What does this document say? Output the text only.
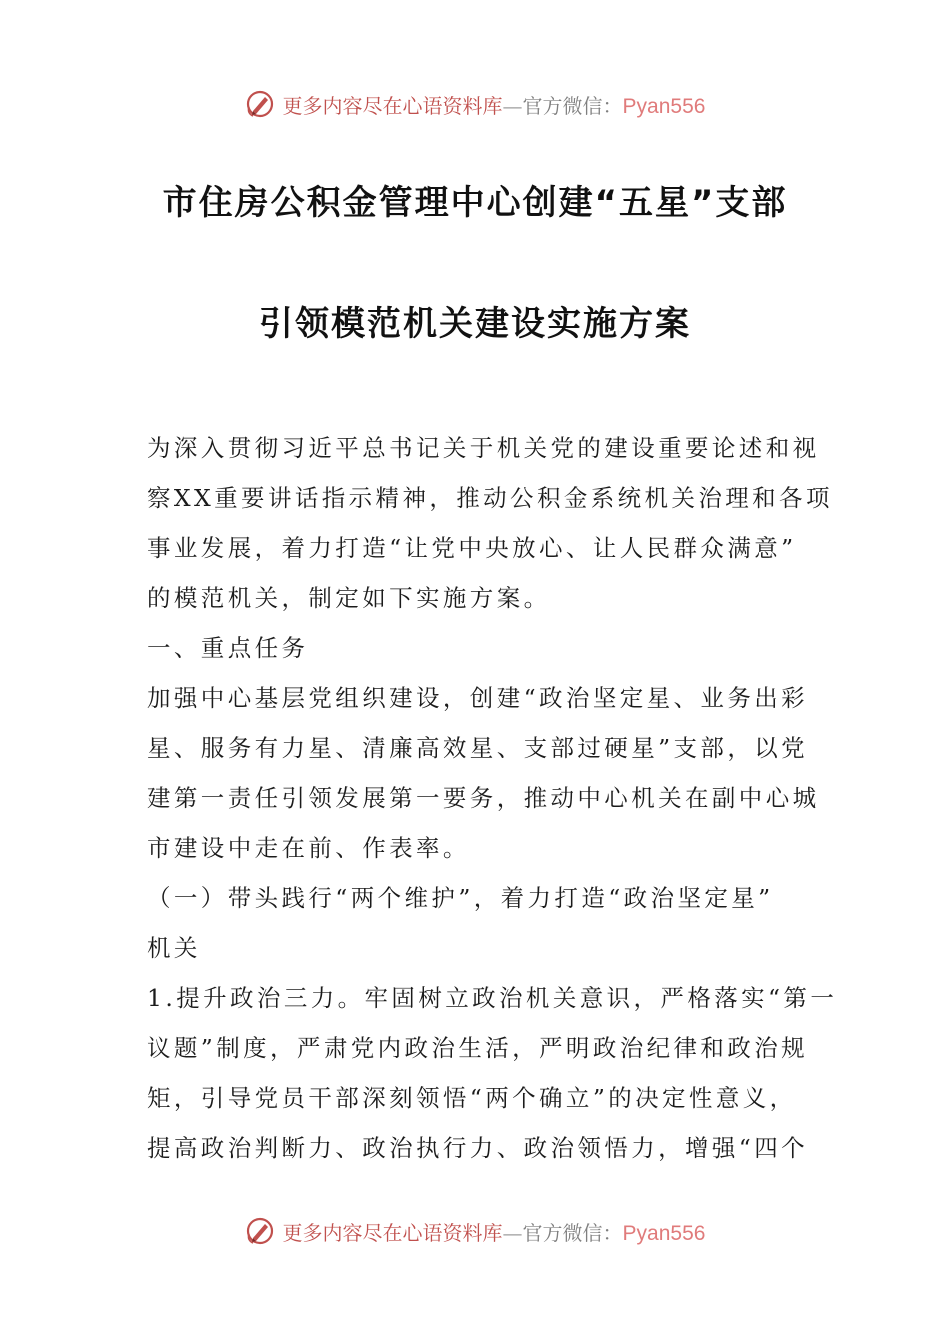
更多内容尽在心语资料库—官方微信：Pyan556
市住房公积金管理中心创建“五星”支部
引领模范机关建设实施方案
为深入贯彻习近平总书记关于机关党的建设重要论述和视
察XX重要讲话指示精神，推动公积金系统机关治理和各项
事业发展，着力打造“让党中央放心、让人民群众满意”
的模范机关，制定如下实施方案。
一、重点任务
加强中心基层党组织建设，创建“政治坚定星、业务出彩
星、服务有力星、清廉高效星、支部过硬星”支部，以党
建第一责任引领发展第一要务，推动中心机关在副中心城
市建设中走在前、作表率。
（一）带头践行“两个维护”，着力打造“政治坚定星”
机关
1.提升政治三力。牢固树立政治机关意识，严格落实“第一
议题”制度，严肃党内政治生活，严明政治纪律和政治规
矩，引导党员干部深刻领悟“两个确立”的决定性意义，
提高政治判断力、政治执行力、政治领悟力，增强“四个
更多内容尽在心语资料库—官方微信：Pyan556
